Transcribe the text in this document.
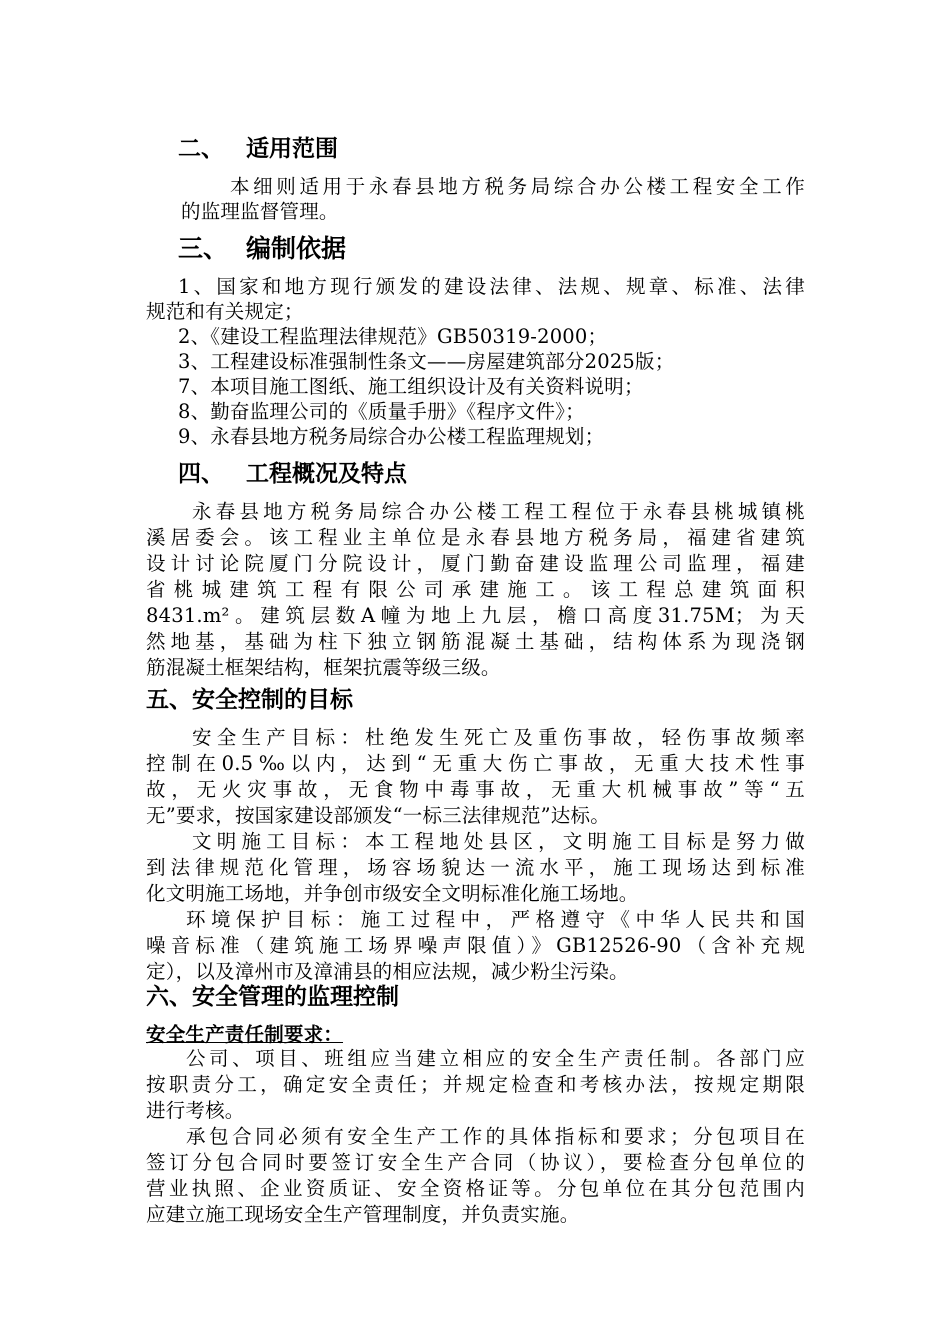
二、 适用范围
本细则适用于永春县地方税务局综合办公楼工程安全工作
的监理监督管理。
三、 编制依据
1、国家和地方现行颁发的建设法律、法规、规章、标准、法律
规范和有关规定；
2、《建设工程监理法律规范》GB50319-2000；
3、工程建设标准强制性条文——房屋建筑部分2025版；
7、本项目施工图纸、施工组织设计及有关资料说明；
8、勤奋监理公司的《质量手册》《程序文件》；
9、永春县地方税务局综合办公楼工程监理规划；
四、 工程概况及特点
永春县地方税务局综合办公楼工程工程位于永春县桃城镇桃
溪居委会。该工程业主单位是永春县地方税务局，福建省建筑
设计讨论院厦门分院设计，厦门勤奋建设监理公司监理，福建
省桃城建筑工程有限公司承建施工。该工程总建筑面积
8431.m²。建筑层数A幢为地上九层，檐口高度31.75M；为天
然地基，基础为柱下独立钢筋混凝土基础，结构体系为现浇钢
筋混凝土框架结构，框架抗震等级三级。
五、安全控制的目标
安全生产目标：杜绝发生死亡及重伤事故，轻伤事故频率
控制在0.5‰以内，达到“无重大伤亡事故，无重大技术性事
故，无火灾事故，无食物中毒事故，无重大机械事故”等“五
无”要求，按国家建设部颁发“一标三法律规范”达标。
文明施工目标：本工程地处县区，文明施工目标是努力做
到法律规范化管理，场容场貌达一流水平，施工现场达到标准
化文明施工场地，并争创市级安全文明标准化施工场地。
环境保护目标：施工过程中，严格遵守《中华人民共和国
噪音标准（建筑施工场界噪声限值）》GB12526-90（含补充规
定），以及漳州市及漳浦县的相应法规，减少粉尘污染。
六、安全管理的监理控制
安全生产责任制要求：
公司、项目、班组应当建立相应的安全生产责任制。各部门应
按职责分工，确定安全责任；并规定检查和考核办法，按规定期限
进行考核。
承包合同必须有安全生产工作的具体指标和要求；分包项目在
签订分包合同时要签订安全生产合同（协议），要检查分包单位的
营业执照、企业资质证、安全资格证等。分包单位在其分包范围内
应建立施工现场安全生产管理制度，并负责实施。
